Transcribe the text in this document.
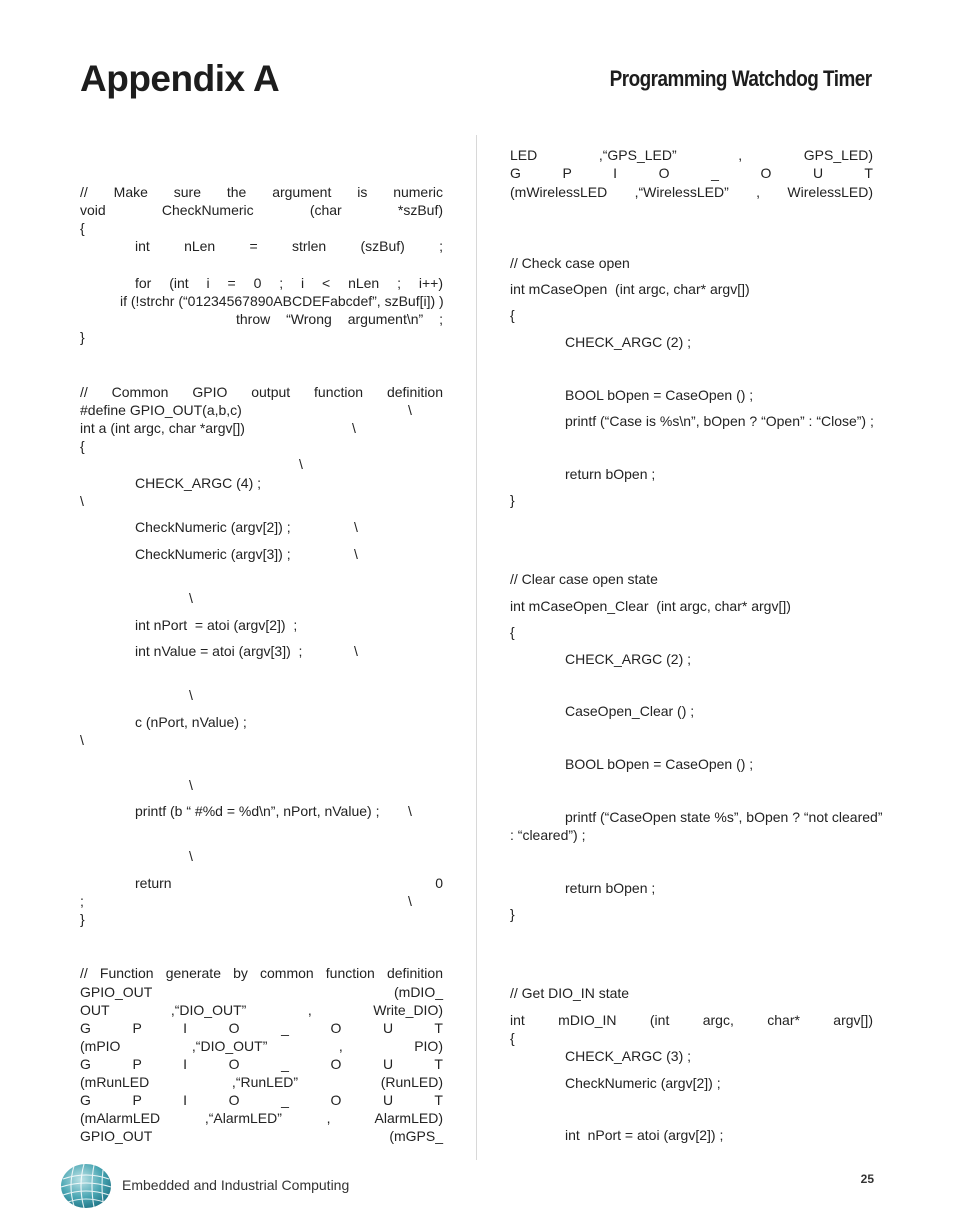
Appendix A	Programming Watchdog Timer
// Make sure the argument is numeric
void CheckNumeric (char *szBuf)
{
int nLen = strlen (szBuf) ;
for (int i = 0 ; i < nLen ; i++)
if (!strchr (“01234567890ABCDEFabcdef”, szBuf[i]) )
throw “Wrong argument\n” ;
}
// Common GPIO output function definition
#define GPIO_OUT(a,b,c)	\
int a (int argc, char *argv[])	\
{
\
CHECK_ARGC (4) ;
\
CheckNumeric (argv[2]) ;	\
CheckNumeric (argv[3]) ;	\
\
int nPort  = atoi (argv[2])  ;
int nValue = atoi (argv[3])  ;	\
\
c (nPort, nValue) ;
\
\
printf (b “ #%d = %d\n”, nPort, nValue) ; \
\
return	0
;	\
}
// Function generate by common function definition
GPIO_OUT	(mDIO_
OUT ,“DIO_OUT” , Write_DIO)
G P I O _ O U T
(mPIO ,“DIO_OUT” , PIO)
G P I O _ O U T
(mRunLED ,“RunLED” (RunLED)
G P I O _ O U T
(mAlarmLED ,“AlarmLED” , AlarmLED)
GPIO_OUT	(mGPS_
LED ,“GPS_LED” , GPS_LED)
G P I O _ O U T
(mWirelessLED ,“WirelessLED” , WirelessLED)
// Check case open
int mCaseOpen  (int argc, char* argv[])
{
CHECK_ARGC (2) ;
BOOL bOpen = CaseOpen () ;
printf (“Case is %s\n”, bOpen ? “Open” : “Close”) ;
return bOpen ;
}
// Clear case open state
int mCaseOpen_Clear  (int argc, char* argv[])
{
CHECK_ARGC (2) ;
CaseOpen_Clear () ;
BOOL bOpen = CaseOpen () ;
printf (“CaseOpen state %s”, bOpen ? “not cleared”
: “cleared”) ;
return bOpen ;
}
// Get DIO_IN state
int mDIO_IN (int argc, char* argv[])
{
CHECK_ARGC (3) ;
CheckNumeric (argv[2]) ;
int  nPort = atoi (argv[2]) ;
Embedded and Industrial Computing	25
